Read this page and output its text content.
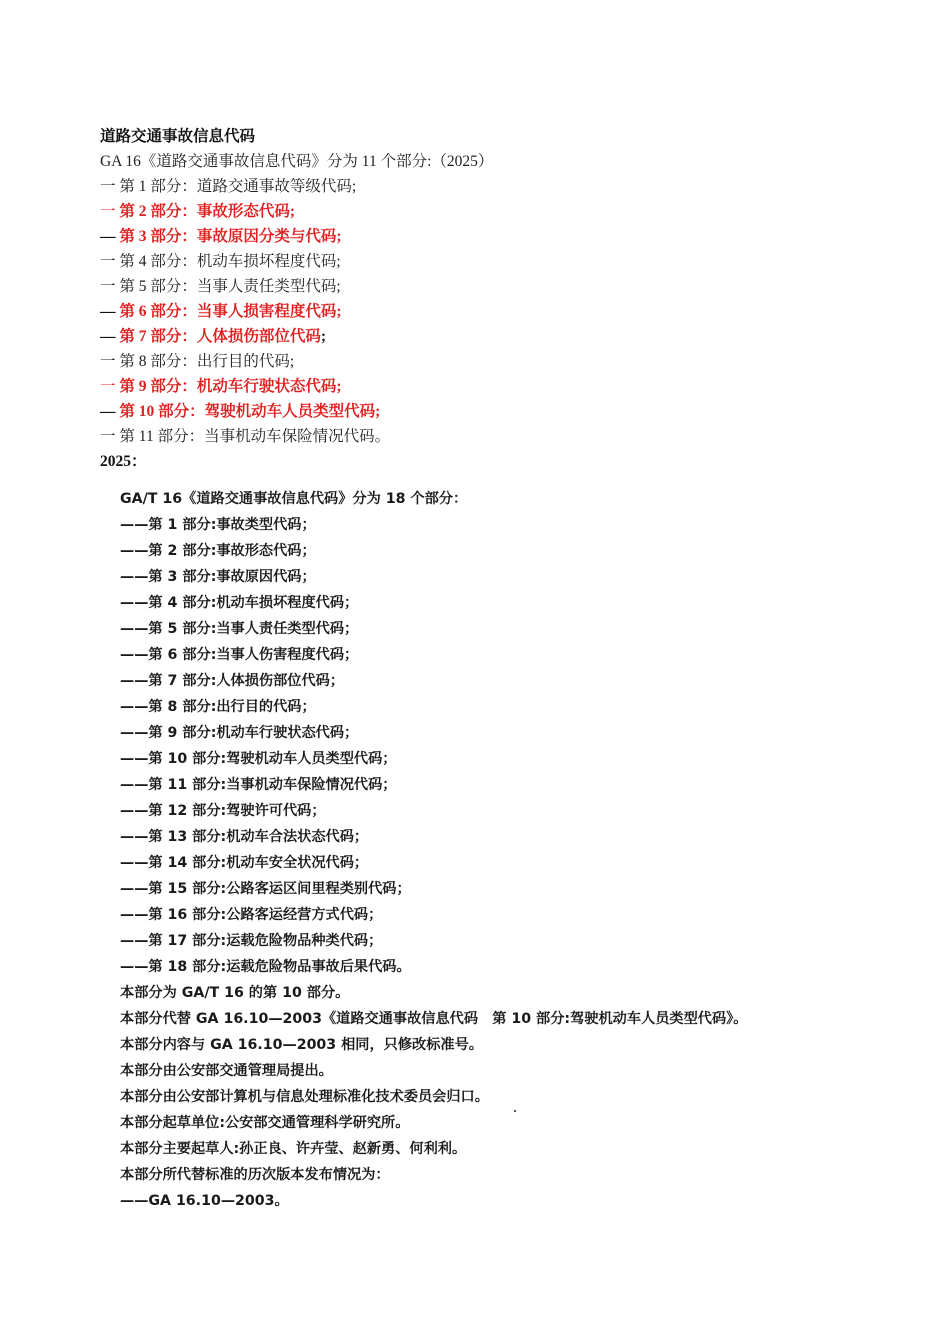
道路交通事故信息代码
GA 16《道路交通事故信息代码》分为 11 个部分:（2025）
一 第 1 部分：道路交通事故等级代码;
一 第 2 部分：事故形态代码;
— 第 3 部分：事故原因分类与代码;
一 第 4 部分：机动车损坏程度代码;
一 第 5 部分：当事人责任类型代码;
— 第 6 部分：当事人损害程度代码;
— 第 7 部分：人体损伤部位代码;
一 第 8 部分：出行目的代码;
一 第 9 部分：机动车行驶状态代码;
— 第 10 部分：驾驶机动车人员类型代码;
一 第 11 部分：当事机动车保险情况代码。
2025：
GA/T 16《道路交通事故信息代码》分为 18 个部分：
——第 1 部分:事故类型代码；
——第 2 部分:事故形态代码；
——第 3 部分:事故原因代码；
——第 4 部分:机动车损坏程度代码；
——第 5 部分:当事人责任类型代码；
——第 6 部分:当事人伤害程度代码；
——第 7 部分:人体损伤部位代码；
——第 8 部分:出行目的代码；
——第 9 部分:机动车行驶状态代码；
——第 10 部分:驾驶机动车人员类型代码；
——第 11 部分:当事机动车保险情况代码；
——第 12 部分:驾驶许可代码；
——第 13 部分:机动车合法状态代码；
——第 14 部分:机动车安全状况代码；
——第 15 部分:公路客运区间里程类别代码；
——第 16 部分:公路客运经营方式代码；
——第 17 部分:运载危险物品种类代码；
——第 18 部分:运载危险物品事故后果代码。
本部分为 GA/T 16 的第 10 部分。
本部分代替 GA 16.10—2003《道路交通事故信息代码　第 10 部分:驾驶机动车人员类型代码》。
本部分内容与 GA 16.10—2003 相同，只修改标准号。
本部分由公安部交通管理局提出。
本部分由公安部计算机与信息处理标准化技术委员会归口。
本部分起草单位:公安部交通管理科学研究所。
本部分主要起草人:孙正良、许卉莹、赵新勇、何利利。
本部分所代替标准的历次版本发布情况为：
——GA 16.10—2003。
